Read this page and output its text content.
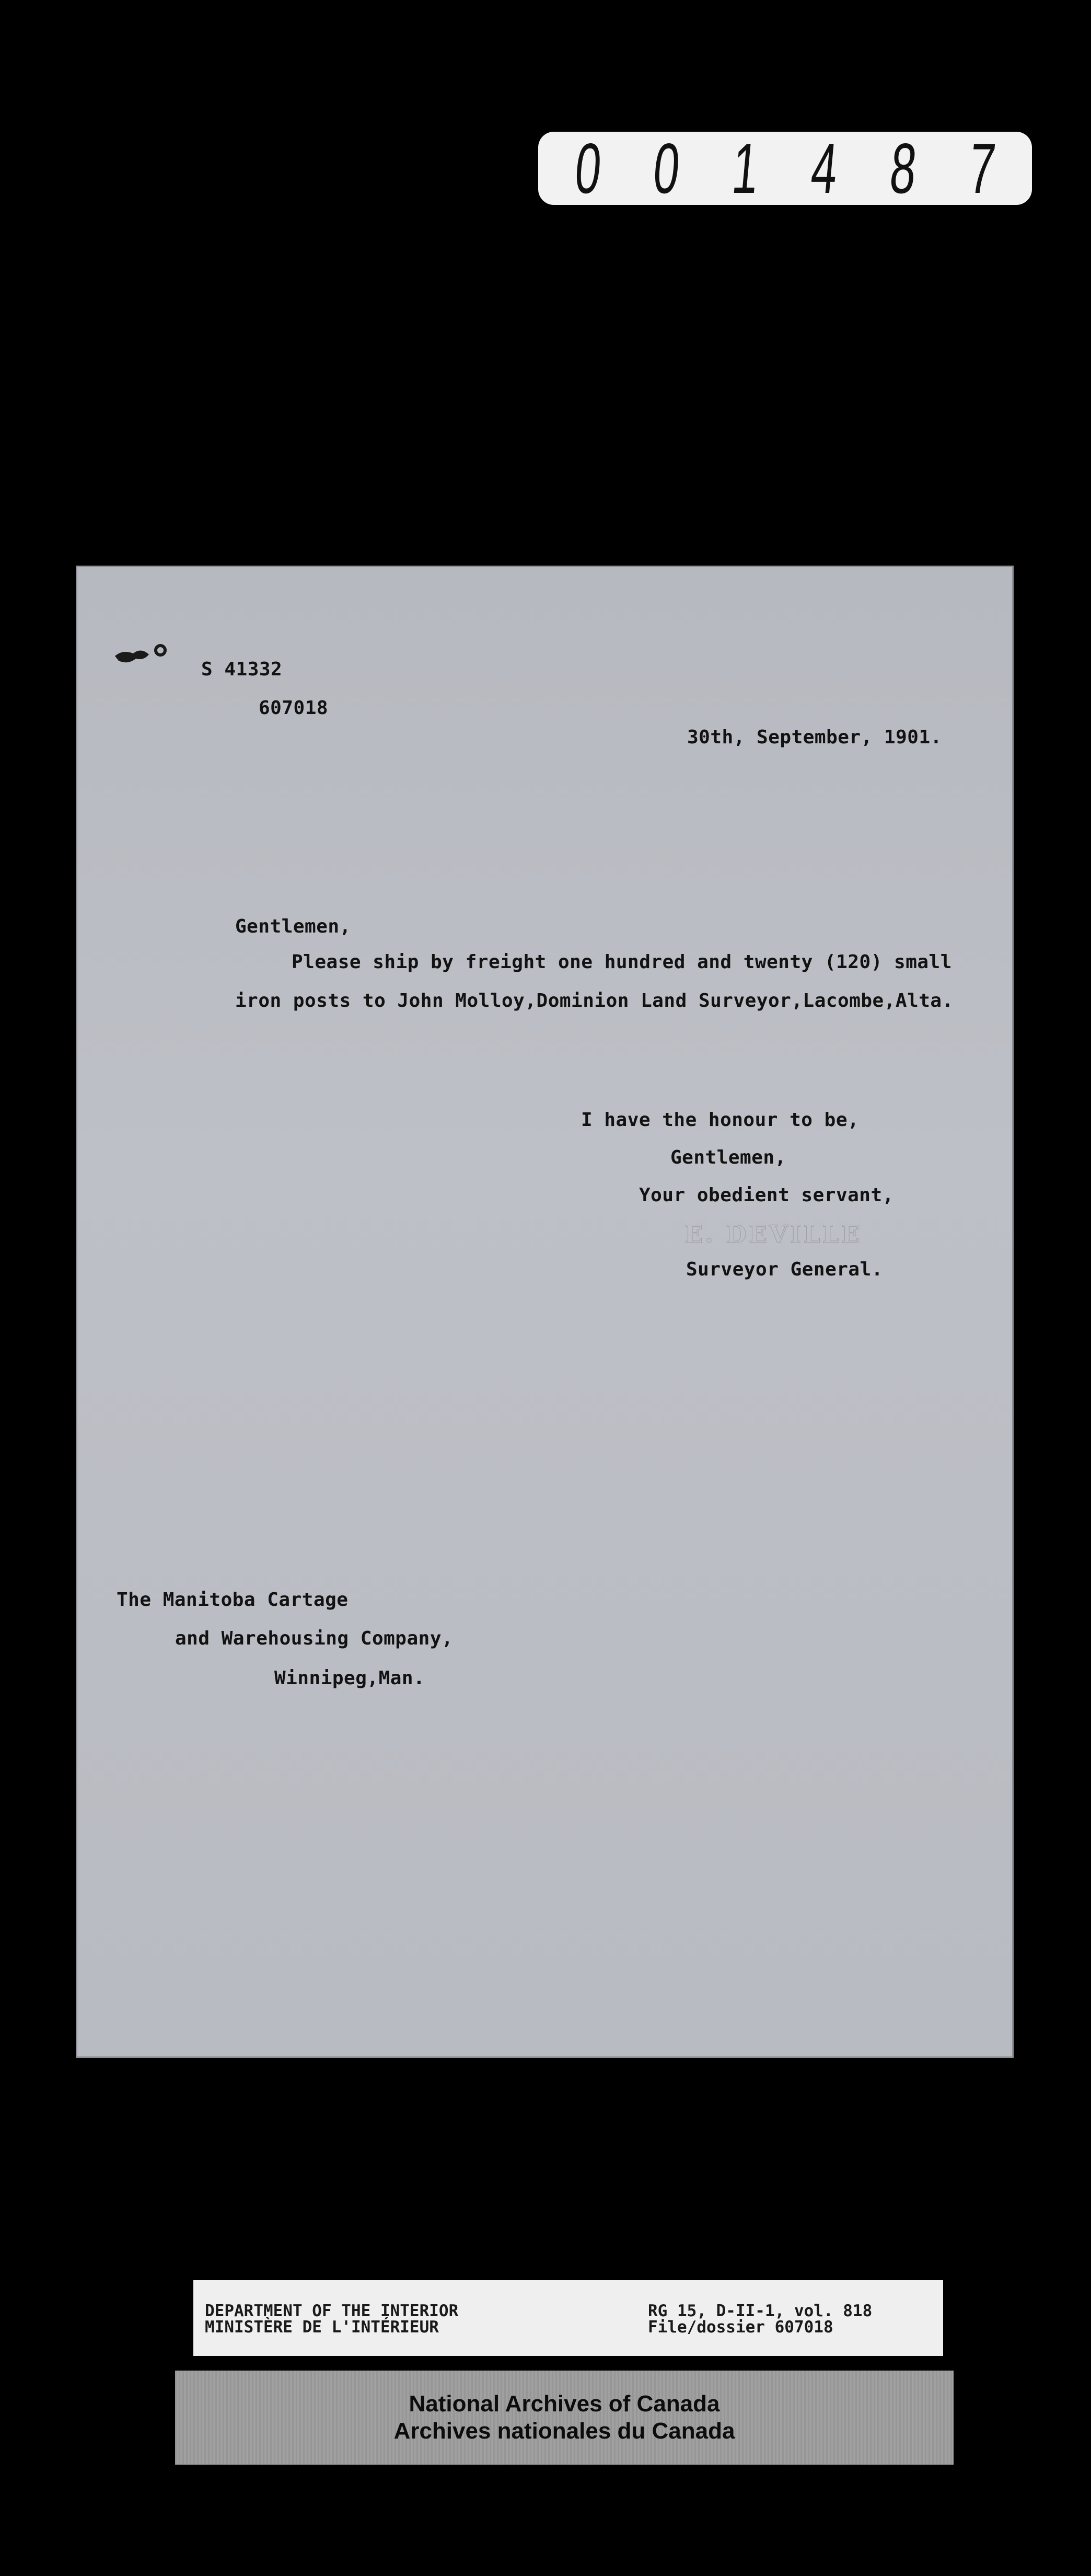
0 0 1 4 8 7
S 41332
607018
30th, September, 1901.
Gentlemen,
Please ship by freight one hundred and twenty (120) small
iron posts to John Molloy,Dominion Land Surveyor,Lacombe,Alta.
I have the honour to be,
Gentlemen,
Your obedient servant,
E. DEVILLE
Surveyor General.
The Manitoba Cartage
and Warehousing Company,
Winnipeg,Man.
DEPARTMENT OF THE INTERIOR
MINISTÈRE DE L'INTÉRIEUR
RG 15, D-II-1, vol. 818
File/dossier 607018
National Archives of Canada
Archives nationales du Canada
